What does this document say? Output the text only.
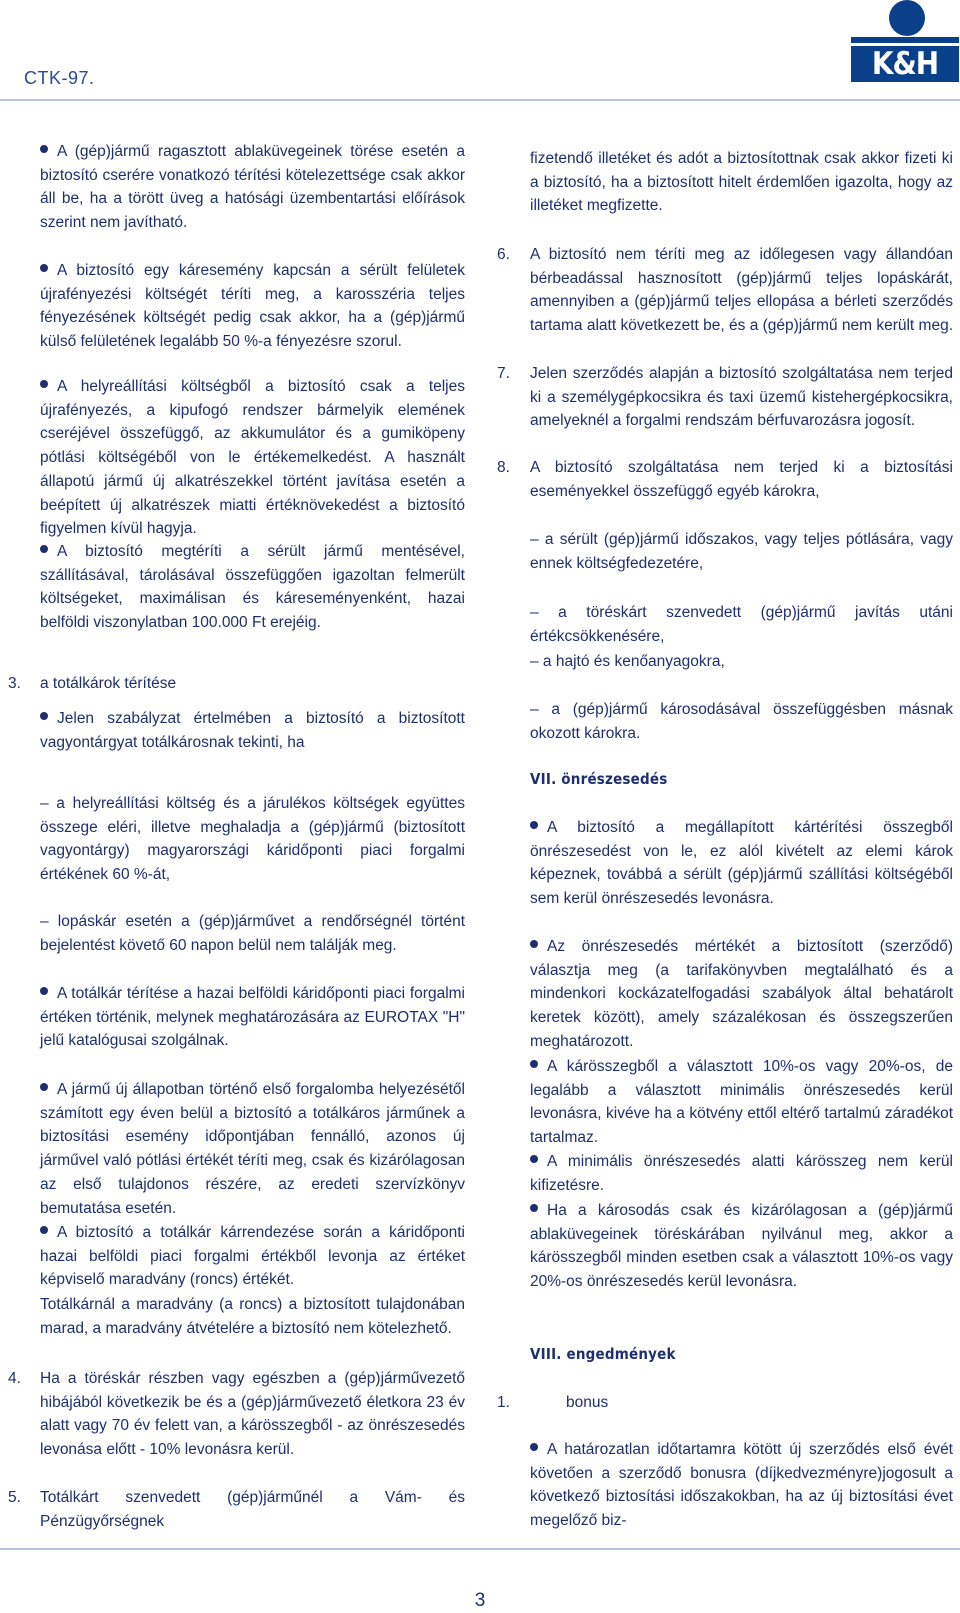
CTK-97.	K&H
A (gép)jármű ragasztott ablaküvegeinek törése esetén a biztosító cserére vonatkozó térítési kötelezettsége csak akkor áll be, ha a törött üveg a hatósági üzembentartási előírások szerint nem javítható.
A biztosító egy káresemény kapcsán a sérült felületek újrafényezési költségét téríti meg, a karosszéria teljes fényezésének költségét pedig csak akkor, ha a (gép)jármű külső felületének legalább 50 %-a fényezésre szorul.
A helyreállítási költségből a biztosító csak a teljes újrafényezés, a kipufogó rendszer bármelyik elemének cseréjével összefüggő, az akkumulátor és a gumiköpeny pótlási költségéből von le értékemelkedést. A használt állapotú jármű új alkatrészekkel történt javítása esetén a beépített új alkatrészek miatti értéknövekedést a biztosító figyelmen kívül hagyja.
A biztosító megtéríti a sérült jármű mentésével, szállításával, tárolásával összefüggően igazoltan felmerült költségeket, maximálisan és káreseményenként, hazai belföldi viszonylatban 100.000 Ft erejéig.
Jelen szabályzat értelmében a biztosító a biztosított vagyontárgyat totálkárosnak tekinti, ha
– a helyreállítási költség és a járulékos költségek együttes összege eléri, illetve meghaladja a (gép)jármű (biztosított vagyontárgy) magyarországi káridőponti piaci forgalmi értékének 60 %-át,
– lopáskár esetén a (gép)járművet a rendőrségnél történt bejelentést követő 60 napon belül nem találják meg.
A totálkár térítése a hazai belföldi káridőponti piaci forgalmi értéken történik, melynek meghatározására az EUROTAX "H" jelű katalógusai szolgálnak.
A jármű új állapotban történő első forgalomba helyezésétől számított egy éven belül a biztosító a totálkáros járműnek a biztosítási esemény időpontjában fennálló, azonos új járművel való pótlási értékét téríti meg, csak és kizárólagosan az első tulajdonos részére, az eredeti szervízkönyv bemutatása esetén.
A biztosító a totálkár kárrendezése során a káridőponti hazai belföldi piaci forgalmi értékből levonja az értéket képviselő maradvány (roncs) értékét.
Totálkárnál a maradvány (a roncs) a biztosított tulajdonában marad, a maradvány átvételére a biztosító nem kötelezhető.
Ha a töréskár részben vagy egészben a (gép)járművezető hibájából következik be és a (gép)járművezető életkora 23 év alatt vagy 70 év felett van, a kárösszegből - az önrészesedés levonása előtt - 10% levonásra kerül.
Totálkárt szenvedett (gép)járműnél a Vám- és Pénzügyőrségnek
a totálkárok térítése
3.
4.
5.
fizetendő illetéket és adót a biztosítottnak csak akkor fizeti ki a biztosító, ha a biztosított hitelt érdemlően igazolta, hogy az illetéket megfizette.
A biztosító nem téríti meg az időlegesen vagy állandóan bérbeadással hasznosított (gép)jármű teljes lopáskárát, amennyiben a (gép)jármű teljes ellopása a bérleti szerződés tartama alatt következett be, és a (gép)jármű nem került meg.
Jelen szerződés alapján a biztosító szolgáltatása nem terjed ki a személygépkocsikra és taxi üzemű kistehergépkocsikra, amelyeknél a forgalmi rendszám bérfuvarozásra jogosít.
A biztosító szolgáltatása nem terjed ki a biztosítási eseményekkel összefüggő egyéb károkra,
– a sérült (gép)jármű időszakos, vagy teljes pótlására, vagy ennek költségfedezetére,
– a töréskárt szenvedett (gép)jármű javítás utáni értékcsökkenésére,
– a hajtó és kenőanyagokra,
– a (gép)jármű károsodásával összefüggésben másnak okozott károkra.
VII. önrészesedés
A biztosító a megállapított kártérítési összegből önrészesedést von le, ez alól kivételt az elemi károk képeznek, továbbá a sérült (gép)jármű szállítási költségéből sem kerül önrészesedés levonásra.
Az önrészesedés mértékét a biztosított (szerződő) választja meg (a tarifakönyvben megtalálható és a mindenkori kockázatelfogadási szabályok által behatárolt keretek között), amely százalékosan és összegszerűen meghatározott.
A kárösszegből a választott 10%-os vagy 20%-os, de legalább a választott minimális önrészesedés kerül levonásra, kivéve ha a kötvény ettől eltérő tartalmú záradékot tartalmaz.
A minimális önrészesedés alatti kárösszeg nem kerül kifizetésre.
Ha a károsodás csak és kizárólagosan a (gép)jármű ablaküvegeinek töréskárában nyilvánul meg, akkor a kárösszegből minden esetben csak a választott 10%-os vagy 20%-os önrészesedés kerül levonásra.
VIII. engedmények
bonus
A határozatlan időtartamra kötött új szerződés első évét követően a szerződő bonusra (díjkedvezményre)jogosult a következő biztosítási időszakokban, ha az új biztosítási évet megelőző biz-
6.
7.
8.
1.
3
